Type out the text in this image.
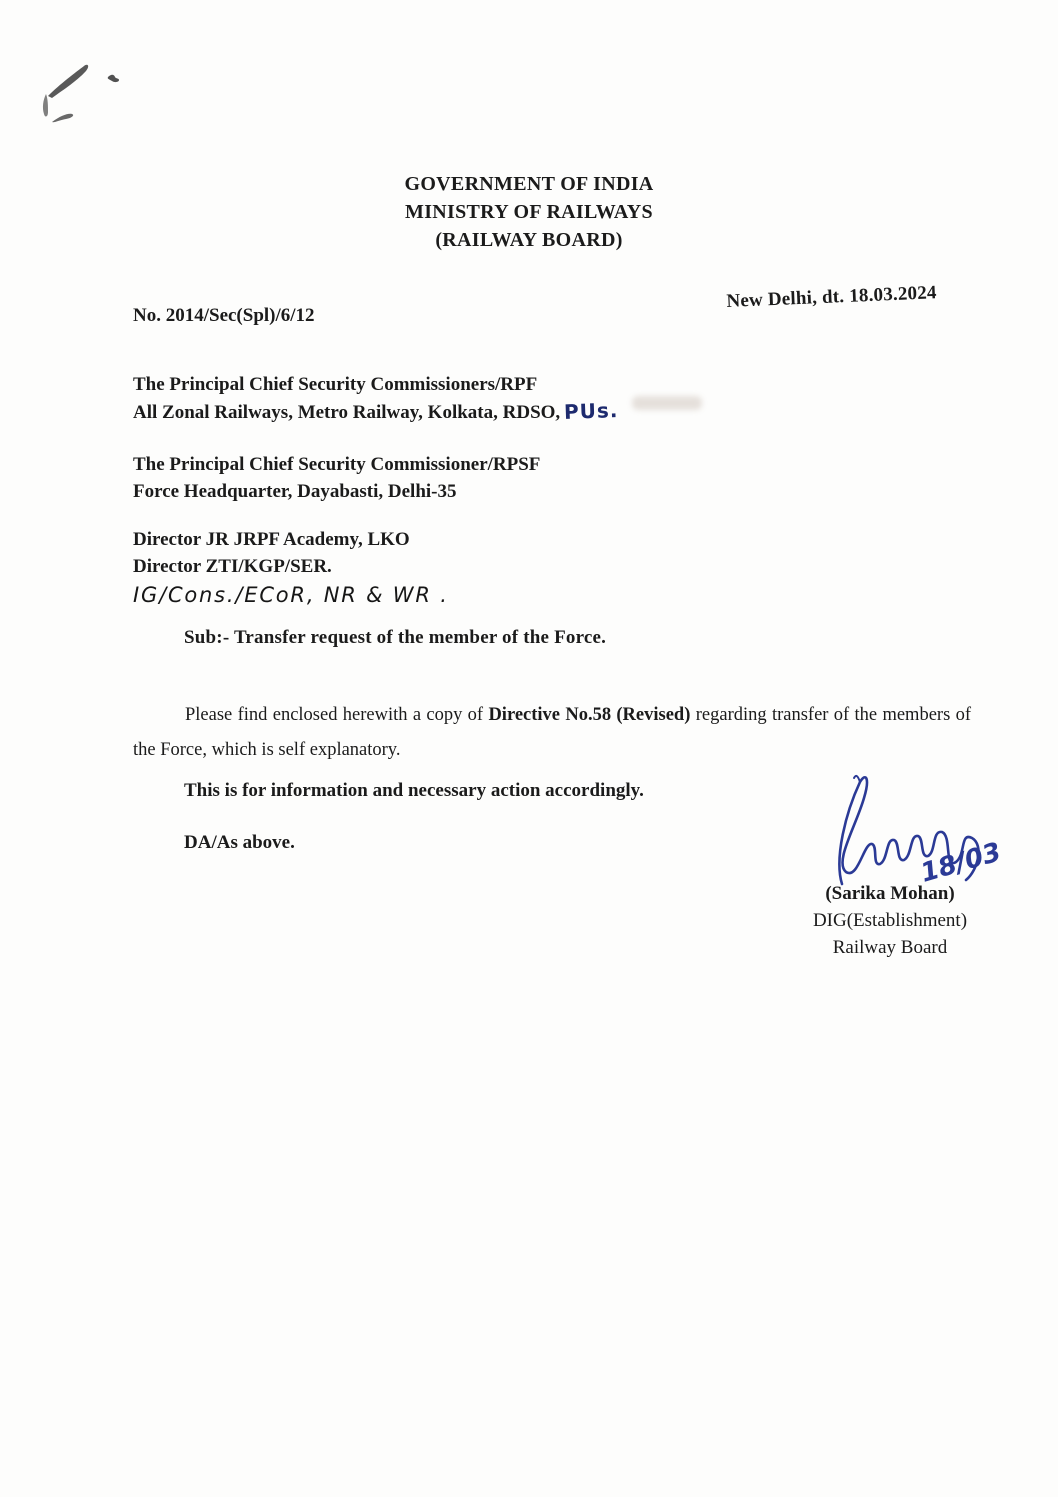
GOVERNMENT OF INDIA
MINISTRY OF RAILWAYS
(RAILWAY BOARD)
No. 2014/Sec(Spl)/6/12
New Delhi, dt. 18.03.2024
The Principal Chief Security Commissioners/RPF
All Zonal Railways, Metro Railway, Kolkata, RDSO, PUs.
The Principal Chief Security Commissioner/RPSF
Force Headquarter, Dayabasti, Delhi-35
Director JR JRPF Academy, LKO
Director ZTI/KGP/SER.
IG/Cons./ECoR, NR & WR .
Sub:- Transfer request of the member of the Force.
Please find enclosed herewith a copy of Directive No.58 (Revised) regarding transfer of the members of the Force, which is self explanatory.
This is for information and necessary action accordingly.
DA/As above.	18/03
(Sarika Mohan)
DIG(Establishment)
Railway Board
